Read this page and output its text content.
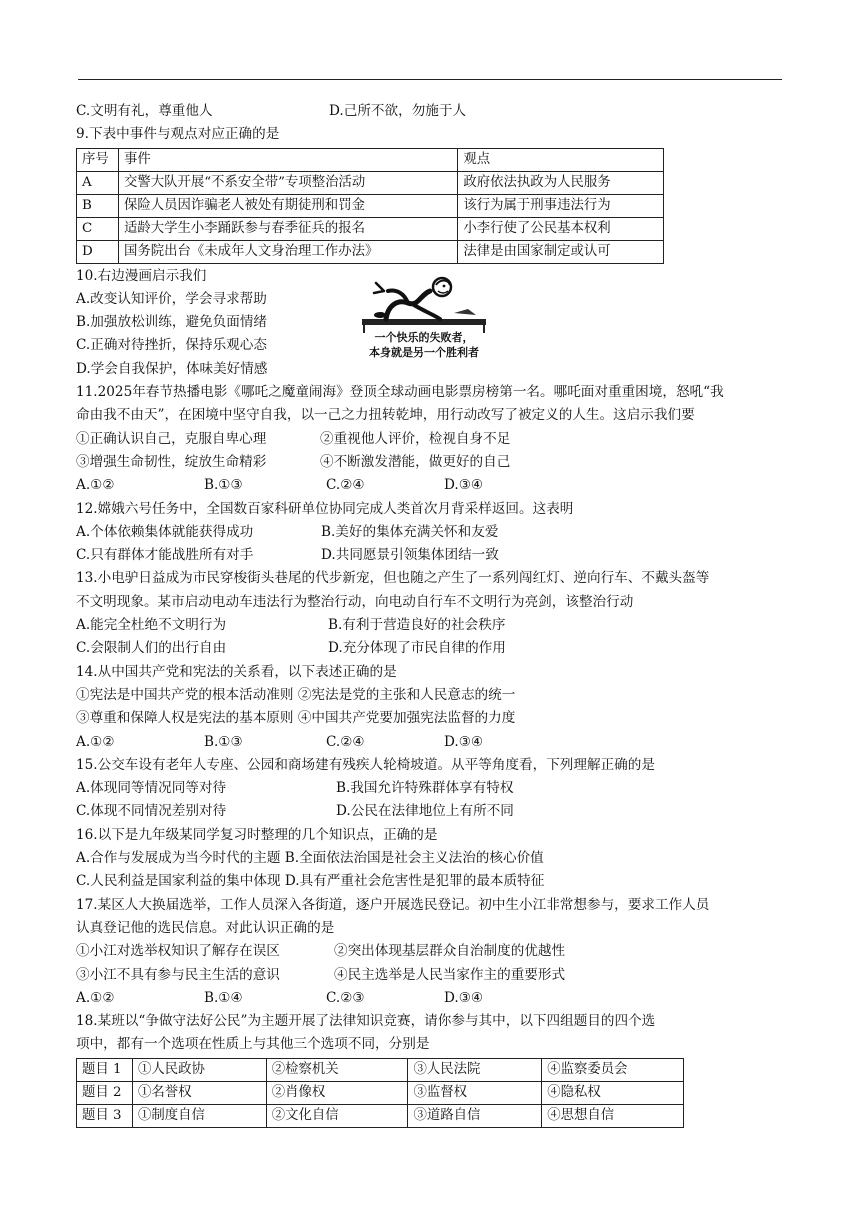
C.文明有礼，尊重他人	D.己所不欲，勿施于人
9.下表中事件与观点对应正确的是
序号	事件	观点
A	交警大队开展“不系安全带”专项整治活动	政府依法执政为人民服务
B	保险人员因诈骗老人被处有期徒刑和罚金	该行为属于刑事违法行为
C	适龄大学生小李踊跃参与春季征兵的报名	小李行使了公民基本权利
D	国务院出台《未成年人文身治理工作办法》	法律是由国家制定或认可
10.右边漫画启示我们
A.改变认知评价，学会寻求帮助
B.加强放松训练，避免负面情绪
C.正确对待挫折，保持乐观心态
D.学会自我保护，体味美好情感
一个快乐的失败者，
本身就是另一个胜利者
11.2025年春节热播电影《哪吒之魔童闹海》登顶全球动画电影票房榜第一名。哪吒面对重重困境，怒吼“我
命由我不由天”，在困境中坚守自我，以一己之力扭转乾坤，用行动改写了被定义的人生。这启示我们要
①正确认识自己，克服自卑心理	②重视他人评价，检视自身不足
③增强生命韧性，绽放生命精彩	④不断激发潜能，做更好的自己
A.①②	B.①③	C.②④	D.③④
12.嫦娥六号任务中，全国数百家科研单位协同完成人类首次月背采样返回。这表明
A.个体依赖集体就能获得成功	B.美好的集体充满关怀和友爱
C.只有群体才能战胜所有对手	D.共同愿景引领集体团结一致
13.小电驴日益成为市民穿梭街头巷尾的代步新宠，但也随之产生了一系列闯红灯、逆向行车、不戴头盔等
不文明现象。某市启动电动车违法行为整治行动，向电动自行车不文明行为亮剑，该整治行动
A.能完全杜绝不文明行为	B.有利于营造良好的社会秩序
C.会限制人们的出行自由	D.充分体现了市民自律的作用
14.从中国共产党和宪法的关系看，以下表述正确的是
①宪法是中国共产党的根本活动准则 ②宪法是党的主张和人民意志的统一
③尊重和保障人权是宪法的基本原则 ④中国共产党要加强宪法监督的力度
A.①②	B.①③	C.②④	D.③④
15.公交车设有老年人专座、公园和商场建有残疾人轮椅坡道。从平等角度看，下列理解正确的是
A.体现同等情况同等对待	B.我国允许特殊群体享有特权
C.体现不同情况差别对待	D.公民在法律地位上有所不同
16.以下是九年级某同学复习时整理的几个知识点，正确的是
A.合作与发展成为当今时代的主题 B.全面依法治国是社会主义法治的核心价值
C.人民利益是国家利益的集中体现 D.具有严重社会危害性是犯罪的最本质特征
17.某区人大换届选举，工作人员深入各街道，逐户开展选民登记。初中生小江非常想参与，要求工作人员
认真登记他的选民信息。对此认识正确的是
①小江对选举权知识了解存在误区	②突出体现基层群众自治制度的优越性
③小江不具有参与民主生活的意识	④民主选举是人民当家作主的重要形式
A.①②	B.①④	C.②③	D.③④
18.某班以“争做守法好公民”为主题开展了法律知识竞赛，请你参与其中，以下四组题目的四个选
项中，都有一个选项在性质上与其他三个选项不同，分别是
题目 1	①人民政协	②检察机关	③人民法院	④监察委员会
题目 2	①名誉权	②肖像权	③监督权	④隐私权
题目 3	①制度自信	②文化自信	③道路自信	④思想自信
